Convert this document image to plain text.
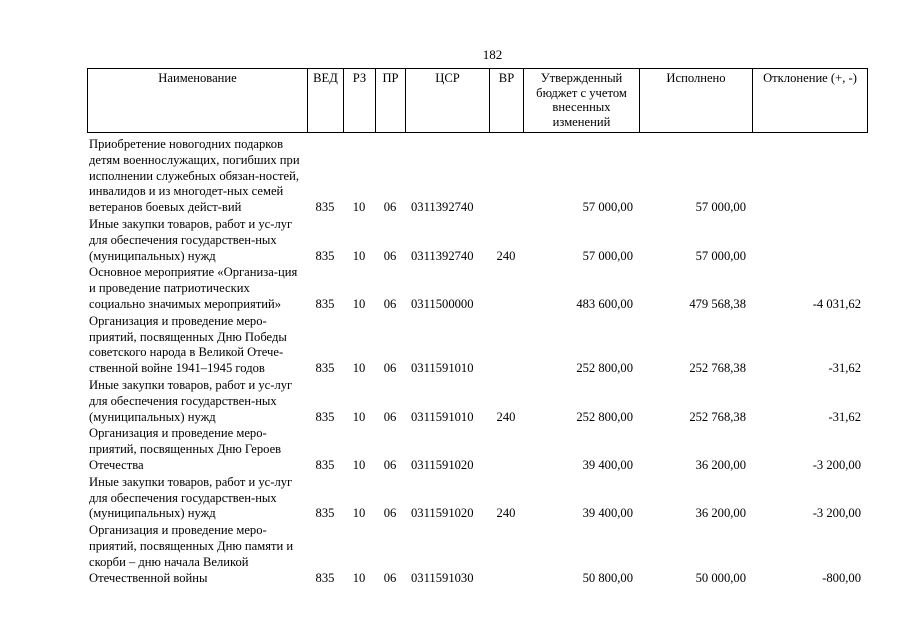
182
Наименование	ВЕД	РЗ	ПР	ЦСР	ВР	Утвержденный бюджет с учетом внесенных изменений	Исполнено	Отклонение (+, -)
Приобретение новогодних подарков детям военнослужащих, погибших при исполнении служебных обязан-ностей, инвалидов и из многодет-ных семей ветеранов боевых дейст-вий	835	10	06	0311392740		57 000,00	57 000,00	
Иные закупки товаров, работ и ус-луг для обеспечения государствен-ных (муниципальных) нужд	835	10	06	0311392740	240	57 000,00	57 000,00	
Основное мероприятие «Организа-ция и проведение патриотических социально значимых мероприятий»	835	10	06	0311500000		483 600,00	479 568,38	-4 031,62
Организация и проведение меро-приятий, посвященных Дню Победы советского народа в Великой Отече-ственной войне 1941–1945 годов	835	10	06	0311591010		252 800,00	252 768,38	-31,62
Иные закупки товаров, работ и ус-луг для обеспечения государствен-ных (муниципальных) нужд	835	10	06	0311591010	240	252 800,00	252 768,38	-31,62
Организация и проведение меро-приятий, посвященных Дню Героев Отечества	835	10	06	0311591020		39 400,00	36 200,00	-3 200,00
Иные закупки товаров, работ и ус-луг для обеспечения государствен-ных (муниципальных) нужд	835	10	06	0311591020	240	39 400,00	36 200,00	-3 200,00
Организация и проведение меро-приятий, посвященных Дню памяти и скорби – дню начала Великой Отечественной войны	835	10	06	0311591030		50 800,00	50 000,00	-800,00
